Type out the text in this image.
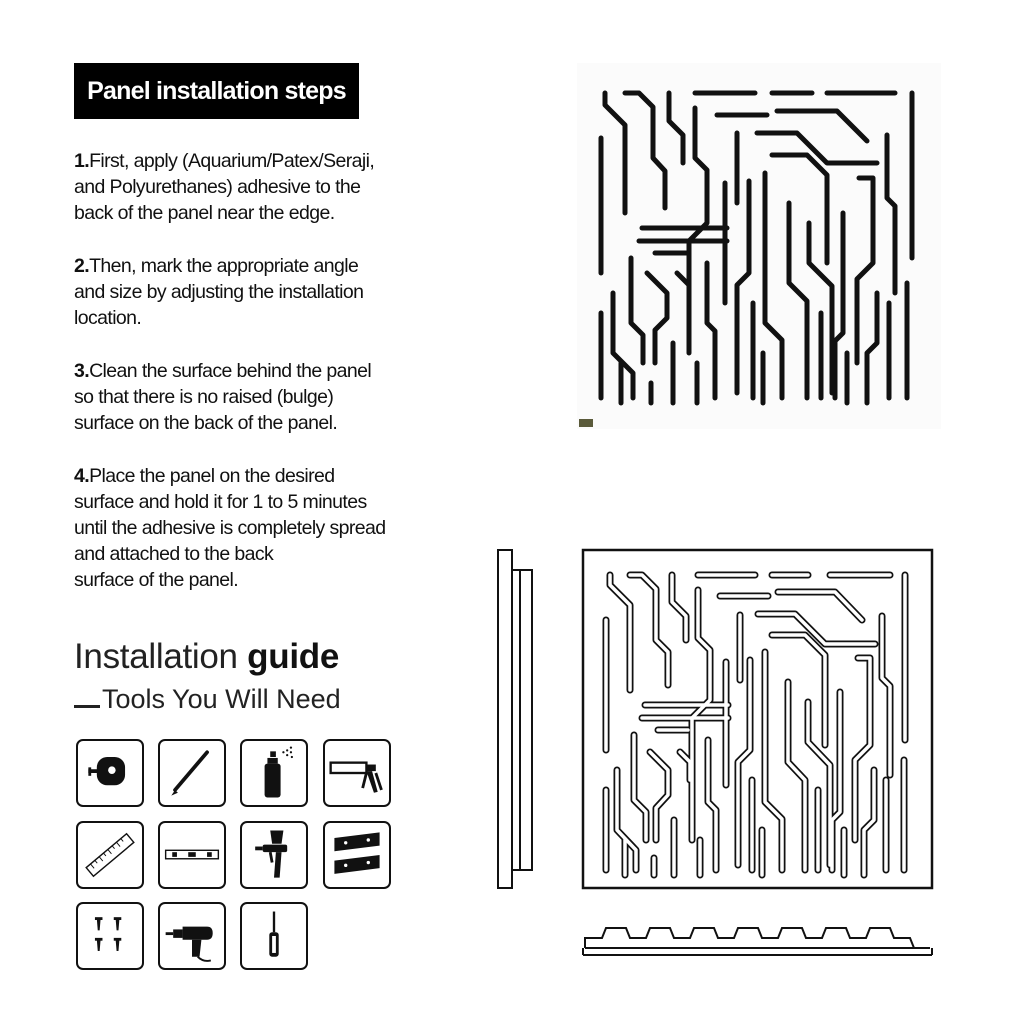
Panel installation steps
1.First, apply (Aquarium/Patex/Seraji,
and Polyurethanes) adhesive to the
back of the panel near the edge.
2.Then, mark the appropriate angle
and size by adjusting the installation
location.
3.Clean the surface behind the panel
so that there is no raised (bulge)
surface on the back of the panel.
4.Place the panel on the desired
surface and hold it for 1 to 5 minutes
until the adhesive is completely spread
and attached to the back
surface of the panel.
Installation guide
Tools You Will Need
